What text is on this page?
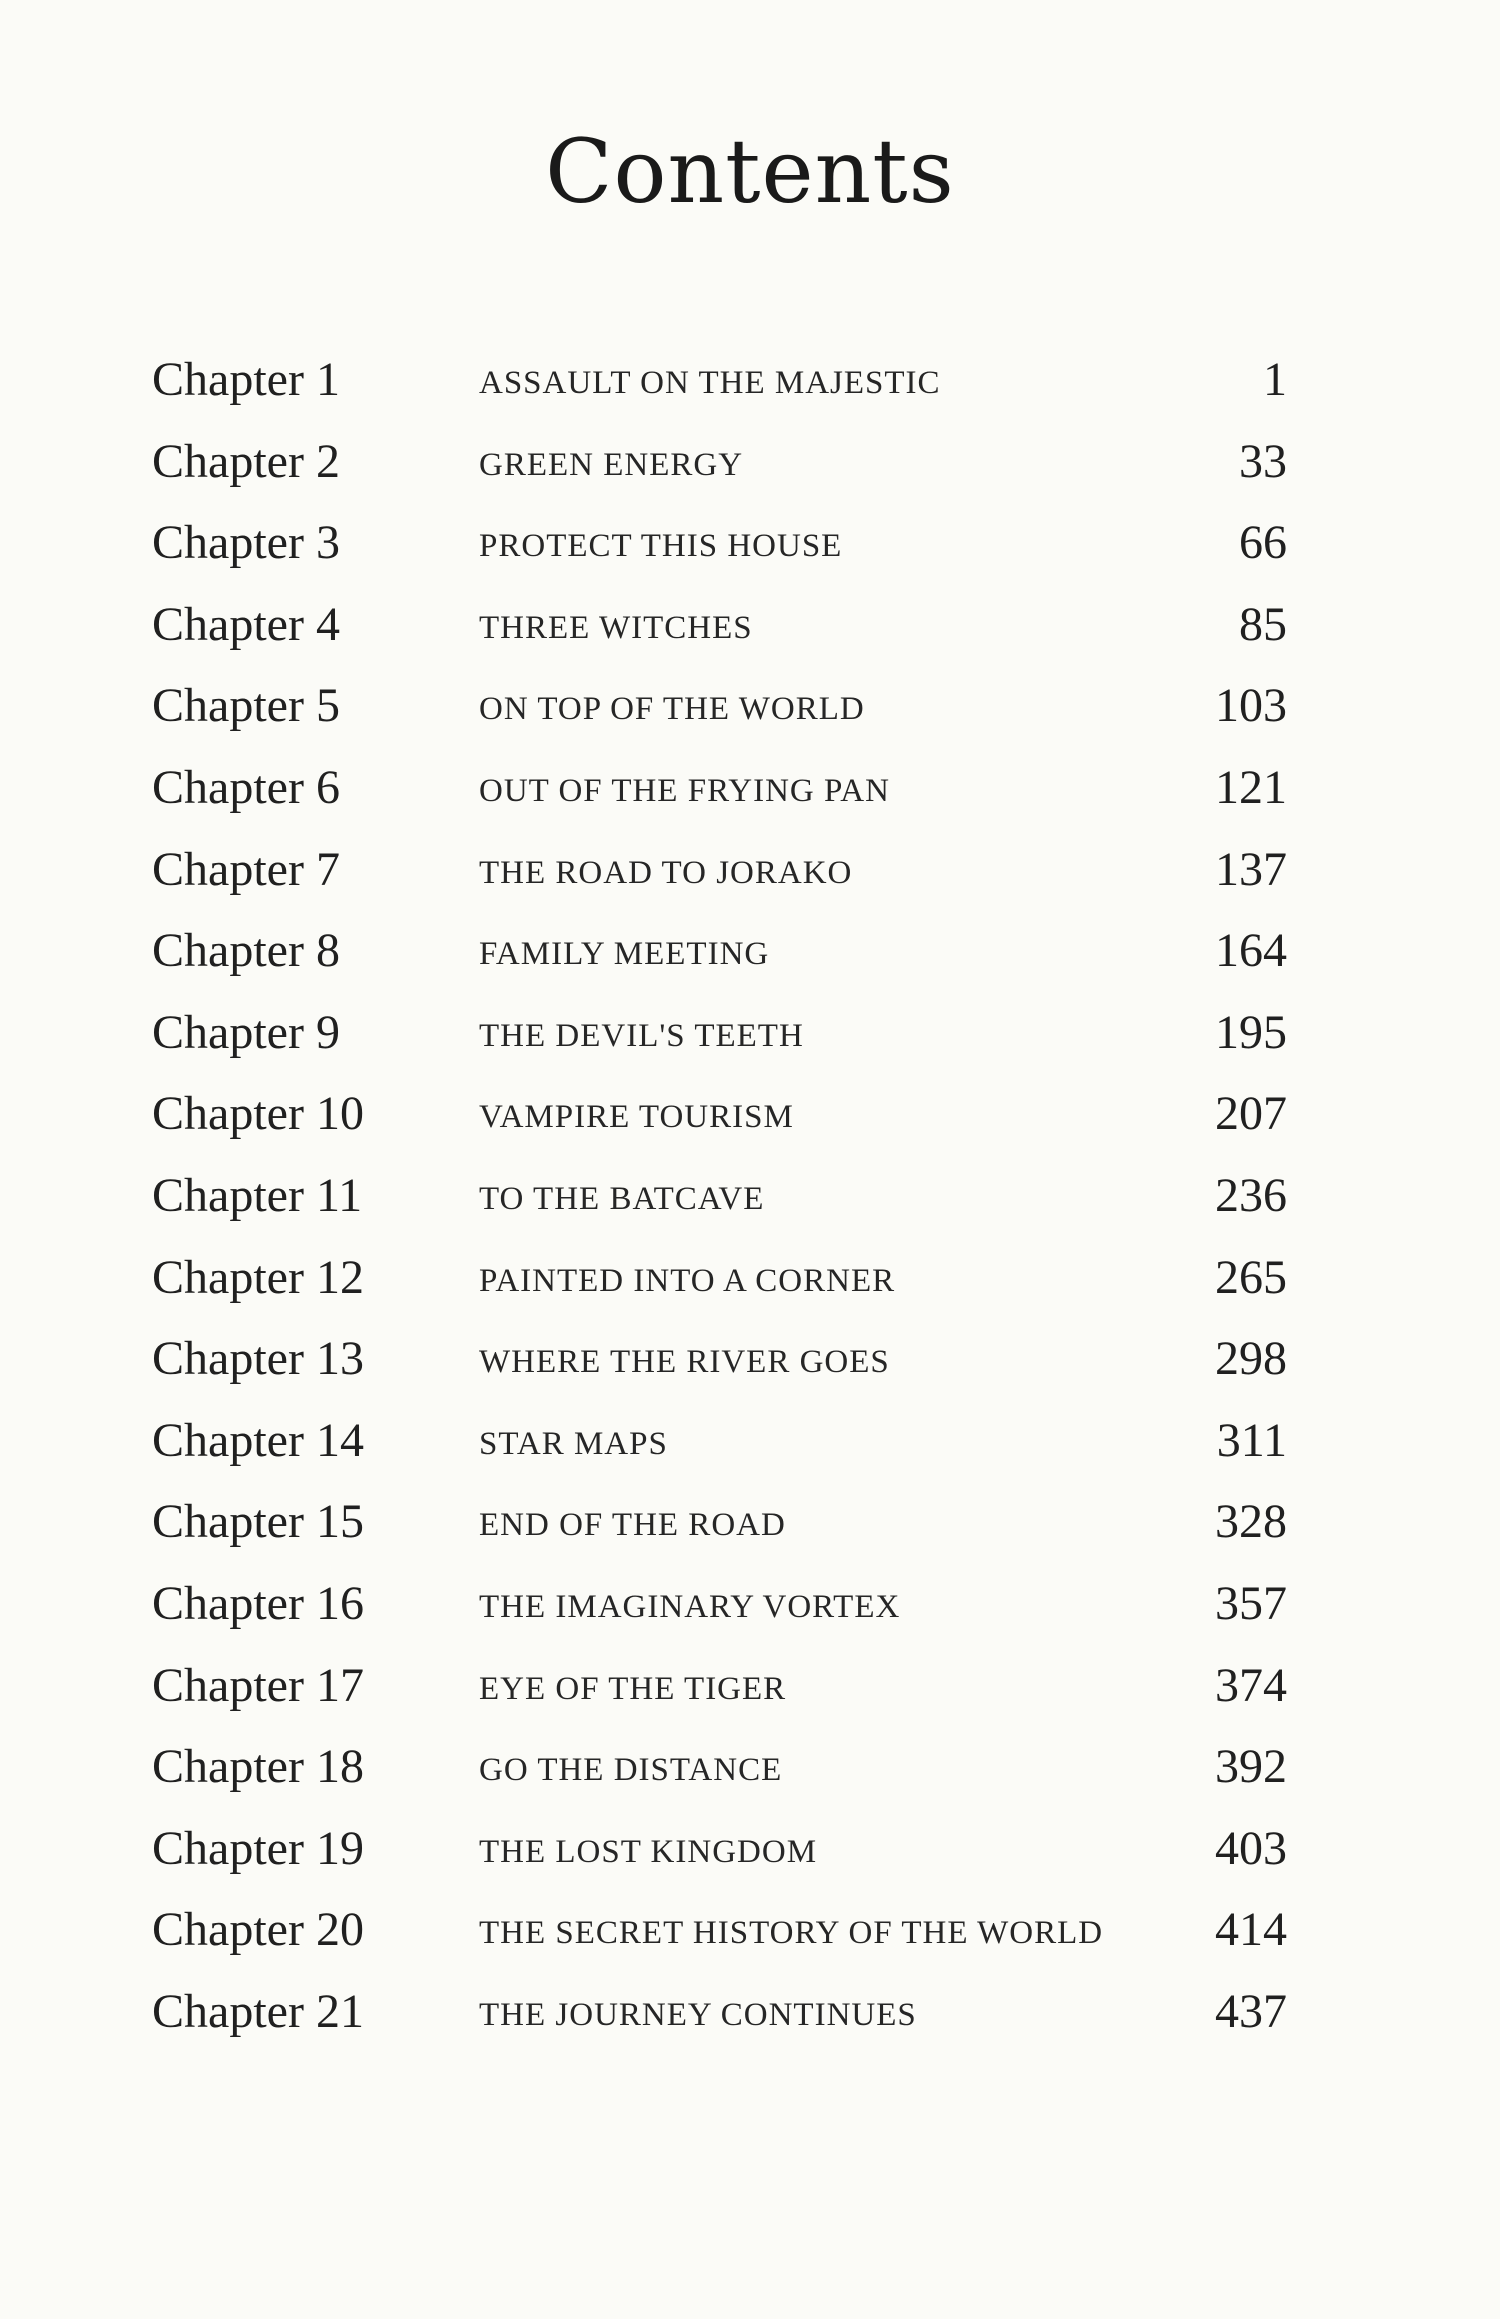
Contents
Chapter 1	ASSAULT ON THE MAJESTIC	1
Chapter 2	GREEN ENERGY	33
Chapter 3	PROTECT THIS HOUSE	66
Chapter 4	THREE WITCHES	85
Chapter 5	ON TOP OF THE WORLD	103
Chapter 6	OUT OF THE FRYING PAN	121
Chapter 7	THE ROAD TO JORAKO	137
Chapter 8	FAMILY MEETING	164
Chapter 9	THE DEVIL'S TEETH	195
Chapter 10	VAMPIRE TOURISM	207
Chapter 11	TO THE BATCAVE	236
Chapter 12	PAINTED INTO A CORNER	265
Chapter 13	WHERE THE RIVER GOES	298
Chapter 14	STAR MAPS	311
Chapter 15	END OF THE ROAD	328
Chapter 16	THE IMAGINARY VORTEX	357
Chapter 17	EYE OF THE TIGER	374
Chapter 18	GO THE DISTANCE	392
Chapter 19	THE LOST KINGDOM	403
Chapter 20	THE SECRET HISTORY OF THE WORLD 414
Chapter 21	THE JOURNEY CONTINUES	437
